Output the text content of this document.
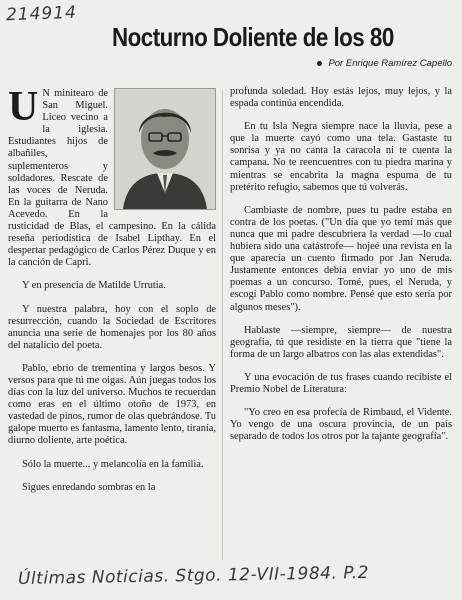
214914
Nocturno Doliente de los 80
Por Enrique Ramírez Capello

U N minitearo de San Miguel. Liceo vecino a la iglesia. Estudiantes hijos de albañiles, suplementeros y soldadores. Rescate de las voces de Neruda. En la guitarra de Nano Acevedo. En la rusticidad de Blas, el campesino. En la cálida reseña periodística de Isabel Lipthay. En el despertar pedagógico de Carlos Pérez Duque y en la canción de Capri.

Y en presencia de Matilde Urrutia.

Y nuestra palabra, hoy con el soplo de resurrección, cuando la Sociedad de Escritores anuncia una serie de homenajes por los 80 años del natalicio del poeta.

Pablo, ebrio de trementina y largos besos. Y versos para que tú me oigas. Aún juegas todos los días con la luz del universo. Muchos te recuerdan como eras en el último otoño de 1973, en vastedad de pinos, rumor de olas quebrándose. Tu galope muerto es fantasma, lamento lento, tiranía, diurno doliente, arte poética.

Sólo la muerte... y melancolía en la familia.

Sigues enredando sombras en la

profunda soledad. Hoy estás lejos, muy lejos, y la espada continúa encendida.

En tu Isla Negra siempre nace la lluvia, pese a que la muerte cayó como una tela. Gastaste tu sonrisa y ya no canta la caracola ni te cuenta la campana. No te reencuentres con tu piedra marina y mientras se encabrita la magna espuma de tu pretérito refugio, sabemos que tú volverás.

Cambiaste de nombre, pues tu padre estaba en contra de los poetas. ("Un día que yo temí más que nunca que mi padre descubriera la verdad —lo cual hubiera sido una catástrofe— hojeé una revista en la que aparecía un cuento firmado por Jan Neruda. Justamente entonces debía enviar yo uno de mis poemas a un concurso. Tomé, pues, el Neruda, y escogí Pablo como nombre. Pensé que esto sería por algunos meses").

Hablaste —siempre, siempre— de nuestra geografía, tú que residiste en la tierra que "tiene la forma de un largo albatros con las alas extendidas".

Y una evocación de tus frases cuando recibiste el Premio Nobel de Literatura:

"Yo creo en esa profecía de Rimbaud, el Vidente. Yo vengo de una oscura provincia, de un país separado de todos los otros por la tajante geografía".

Últimas Noticias. Stgo. 12-VII-1984. P.2
